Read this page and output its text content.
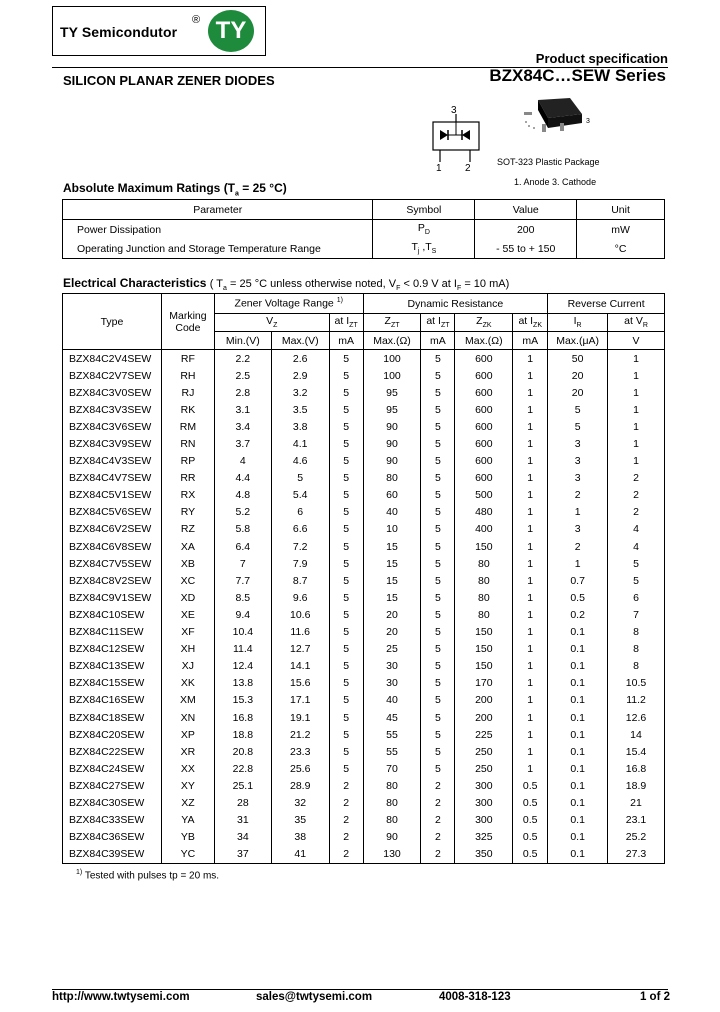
TY Semicondutor
® TY
Product specification
SILICON PLANAR ZENER DIODES	BZX84C…SEW Series
3
1 2
3
SOT-323 Plastic Package
1. Anode 3. Cathode
Absolute Maximum Ratings ($T_a = 25$ °C)
Parameter	Symbol	Value	Unit
Power Dissipation	$P_D$	200	mW
Operating Junction and Storage Temperature Range	$T_j$ $,T_S$	- 55 to + 150	°C
Electrical Characteristics ( $T_a = 25$ °C unless otherwise noted, $V_F < 0.9$ V at $I_F = 10$ mA)
Type	Marking Code	Zener Voltage Range $^{1)}$			Dynamic Resistance				Reverse Current	
		$V_Z$		at $I_{ZT}$	$Z_{ZT}$	at $I_{ZT}$	$Z_{ZK}$	at $I_{ZK}$	$I_R$	at $V_R$
		Min.(V)	Max.(V)	mA	Max.(Ω)	mA	Max.(Ω)	mA	Max.(μA)	V
BZX84C2V4SEW	RF	2.2	2.6	5	100	5	600	1	50	1
BZX84C2V7SEW	RH	2.5	2.9	5	100	5	600	1	20	1
BZX84C3V0SEW	RJ	2.8	3.2	5	95	5	600	1	20	1
BZX84C3V3SEW	RK	3.1	3.5	5	95	5	600	1	5	1
BZX84C3V6SEW	RM	3.4	3.8	5	90	5	600	1	5	1
BZX84C3V9SEW	RN	3.7	4.1	5	90	5	600	1	3	1
BZX84C4V3SEW	RP	4	4.6	5	90	5	600	1	3	1
BZX84C4V7SEW	RR	4.4	5	5	80	5	600	1	3	2
BZX84C5V1SEW	RX	4.8	5.4	5	60	5	500	1	2	2
BZX84C5V6SEW	RY	5.2	6	5	40	5	480	1	1	2
BZX84C6V2SEW	RZ	5.8	6.6	5	10	5	400	1	3	4
BZX84C6V8SEW	XA	6.4	7.2	5	15	5	150	1	2	4
BZX84C7V5SEW	XB	7	7.9	5	15	5	80	1	1	5
BZX84C8V2SEW	XC	7.7	8.7	5	15	5	80	1	0.7	5
BZX84C9V1SEW	XD	8.5	9.6	5	15	5	80	1	0.5	6
BZX84C10SEW	XE	9.4	10.6	5	20	5	80	1	0.2	7
BZX84C11SEW	XF	10.4	11.6	5	20	5	150	1	0.1	8
BZX84C12SEW	XH	11.4	12.7	5	25	5	150	1	0.1	8
BZX84C13SEW	XJ	12.4	14.1	5	30	5	150	1	0.1	8
BZX84C15SEW	XK	13.8	15.6	5	30	5	170	1	0.1	10.5
BZX84C16SEW	XM	15.3	17.1	5	40	5	200	1	0.1	11.2
BZX84C18SEW	XN	16.8	19.1	5	45	5	200	1	0.1	12.6
BZX84C20SEW	XP	18.8	21.2	5	55	5	225	1	0.1	14
BZX84C22SEW	XR	20.8	23.3	5	55	5	250	1	0.1	15.4
BZX84C24SEW	XX	22.8	25.6	5	70	5	250	1	0.1	16.8
BZX84C27SEW	XY	25.1	28.9	2	80	2	300	0.5	0.1	18.9
BZX84C30SEW	XZ	28	32	2	80	2	300	0.5	0.1	21
BZX84C33SEW	YA	31	35	2	80	2	300	0.5	0.1	23.1
BZX84C36SEW	YB	34	38	2	90	2	325	0.5	0.1	25.2
BZX84C39SEW	YC	37	41	2	130	2	350	0.5	0.1	27.3
$^{1)}$ Tested with pulses tp = 20 ms.
http://www.twtysemi.com	sales@twtysemi.com	4008-318-123	1 of 2
